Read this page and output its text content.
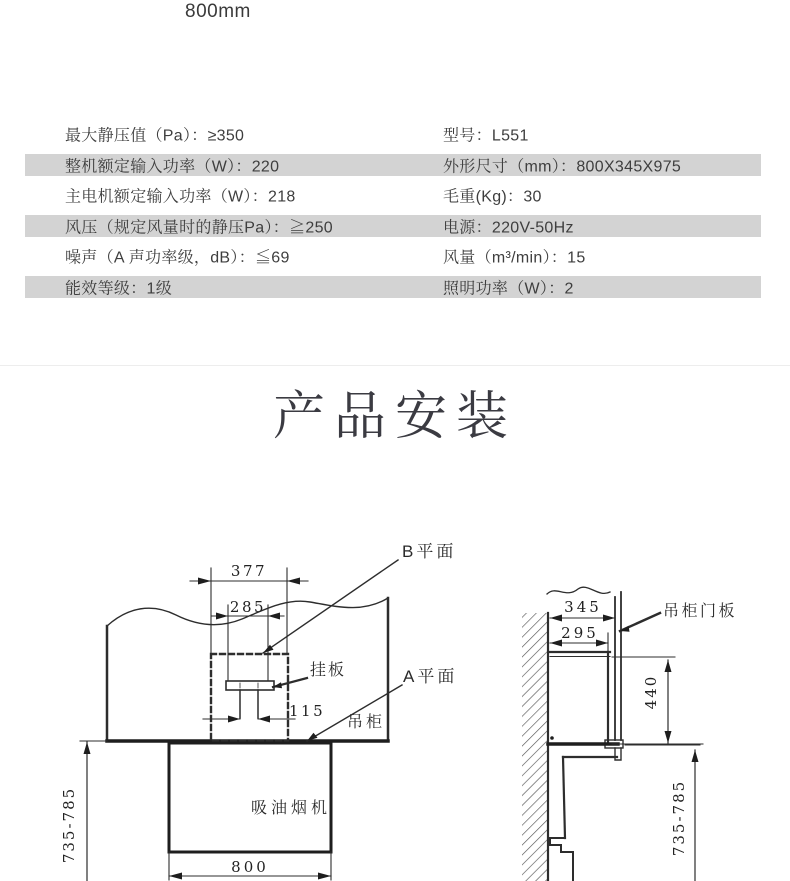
800mm
最大静压值（Pa）：≥350	型号：L551
整机额定输入功率（W）：220	外形尺寸（mm）：800X345X975
主电机额定输入功率（W）：218	毛重(Kg)：30
风压（规定风量时的静压Pa）：≧250	电源：220V-50Hz
噪声（A 声功率级，dB）：≦69	风量（m³/min）：15
能效等级：1级	照明功率（W）：2
产品安装
377
285
115
800
735-785
B平面
A平面
挂板
吊柜
吸油烟机
345
295
440
735-785
吊柜门板
